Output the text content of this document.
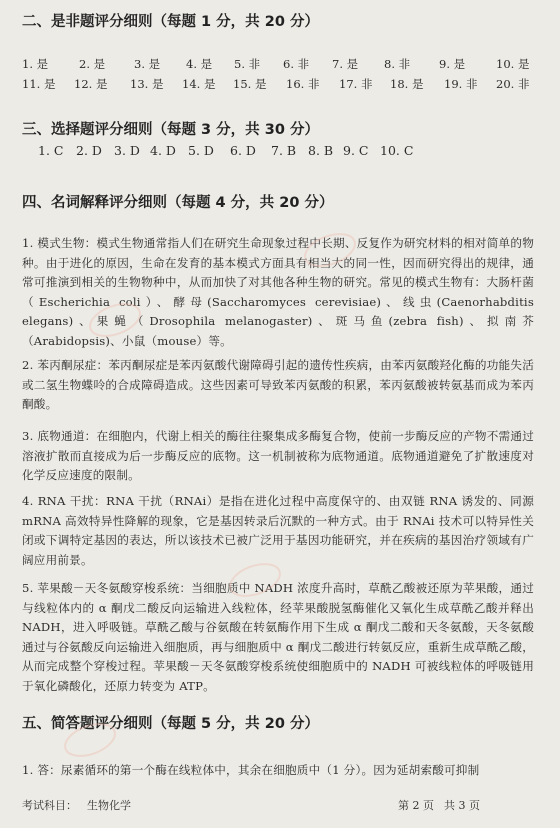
二、是非题评分细则（每题 1 分，共 20 分）
1. 是	2. 是	3. 是 4. 是 5. 非 6. 非 7. 是 8. 非	9. 是	10. 是
11. 是 12. 是 13. 是 14. 是 15. 是 16. 非 17. 非 18. 是 19. 非 20. 非
三、选择题评分细则（每题 3 分，共 30 分）
1. C 2. D 3. D 4. D 5. D 6. D 7. B 8. B 9. C 10. C
四、名词解释评分细则（每题 4 分，共 20 分）
1. 模式生物：模式生物通常指人们在研究生命现象过程中长期、反复作为研究材料的相对简单的物种。由于进化的原因，生命在发育的基本模式方面具有相当大的同一性，因而研究得出的规律，通常可推演到相关的生物物种中，从而加快了对其他各种生物的研究。常见的模式生物有：大肠杆菌（Escherichia coli）、酵母(Saccharomyces cerevisiae)、线虫(Caenorhabditis elegans)、果蝇（Drosophila melanogaster)、斑马鱼(zebra fish)、拟南芥（Arabidopsis)、小鼠（mouse）等。
2. 苯丙酮尿症：苯丙酮尿症是苯丙氨酸代谢障碍引起的遗传性疾病，由苯丙氨酸羟化酶的功能失活或二氢生物蝶呤的合成障碍造成。这些因素可导致苯丙氨酸的积累，苯丙氨酸被转氨基而成为苯丙酮酸。
3. 底物通道：在细胞内，代谢上相关的酶往往聚集成多酶复合物，使前一步酶反应的产物不需通过溶液扩散而直接成为后一步酶反应的底物。这一机制被称为底物通道。底物通道避免了扩散速度对化学反应速度的限制。
4. RNA 干扰：RNA 干扰（RNAi）是指在进化过程中高度保守的、由双链 RNA 诱发的、同源 mRNA 高效特异性降解的现象，它是基因转录后沉默的一种方式。由于 RNAi 技术可以特异性关闭或下调特定基因的表达，所以该技术已被广泛用于基因功能研究，并在疾病的基因治疗领域有广阔应用前景。
5. 苹果酸－天冬氨酸穿梭系统：当细胞质中 NADH 浓度升高时，草酰乙酸被还原为苹果酸，通过与线粒体内的 α 酮戊二酸反向运输进入线粒体，经苹果酸脱氢酶催化又氧化生成草酰乙酸并释出 NADH，进入呼吸链。草酰乙酸与谷氨酸在转氨酶作用下生成 α 酮戊二酸和天冬氨酸，天冬氨酸通过与谷氨酸反向运输进入细胞质，再与细胞质中 α 酮戊二酸进行转氨反应，重新生成草酰乙酸，从而完成整个穿梭过程。苹果酸－天冬氨酸穿梭系统使细胞质中的 NADH 可被线粒体的呼吸链用于氧化磷酸化，还原力转变为 ATP。
五、简答题评分细则（每题 5 分，共 20 分）
1. 答：尿素循环的第一个酶在线粒体中，其余在细胞质中（1 分）。因为延胡索酸可抑制
考试科目： 生物化学	第 2 页 共 3 页
